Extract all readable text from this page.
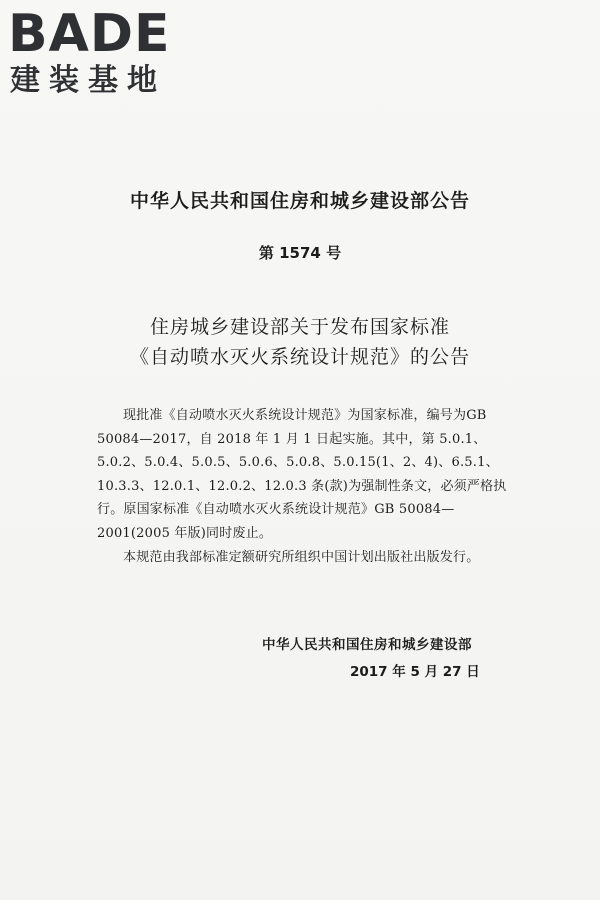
BADE
建装基地
中华人民共和国住房和城乡建设部公告
第 1574 号
住房城乡建设部关于发布国家标准
《自动喷水灭火系统设计规范》的公告

现批准《自动喷水灭火系统设计规范》为国家标准，编号为GB 50084—2017，自 2018 年 1 月 1 日起实施。其中，第 5.0.1、5.0.2、5.0.4、5.0.5、5.0.6、5.0.8、5.0.15(1、2、4)、6.5.1、10.3.3、12.0.1、12.0.2、12.0.3 条(款)为强制性条文，必须严格执行。原国家标准《自动喷水灭火系统设计规范》GB 50084—2001(2005 年版)同时废止。

本规范由我部标准定额研究所组织中国计划出版社出版发行。

中华人民共和国住房和城乡建设部
2017 年 5 月 27 日
